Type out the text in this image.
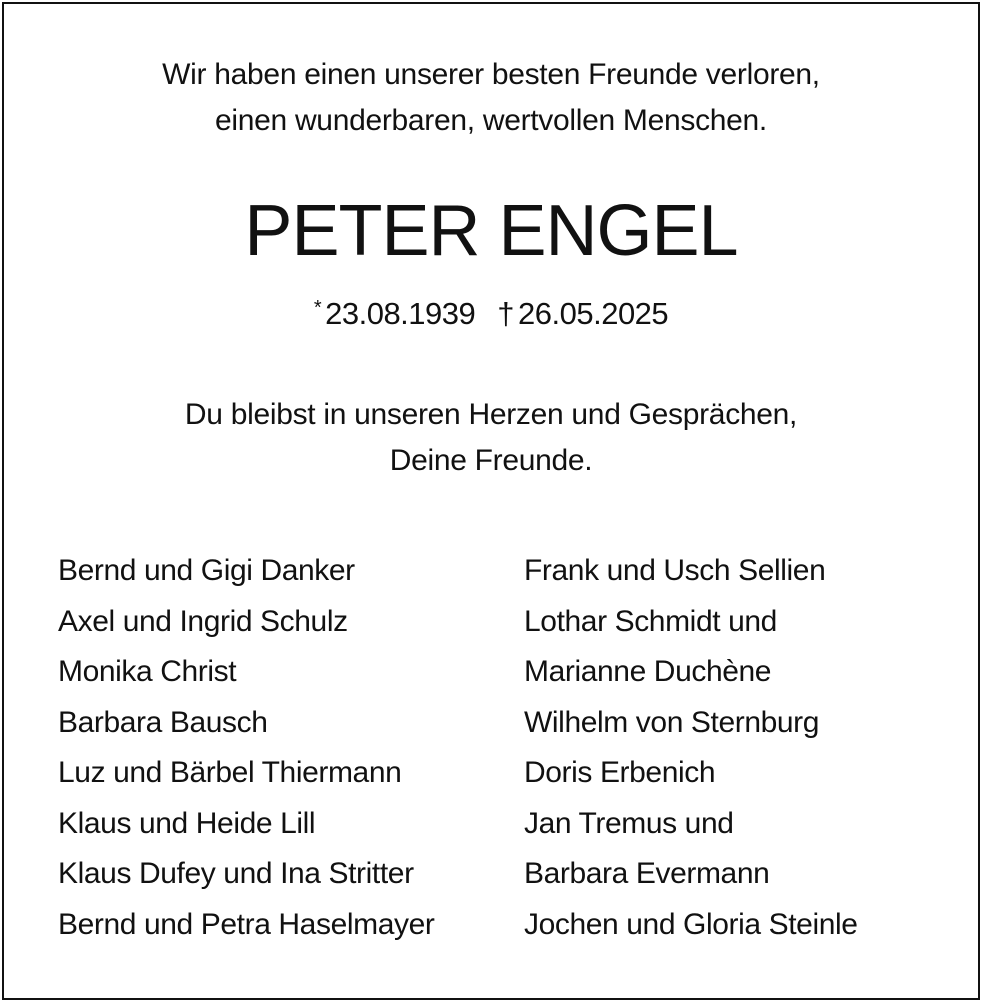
Wir haben einen unserer besten Freunde verloren,
einen wunderbaren, wertvollen Menschen.
PETER ENGEL
* 23.08.1939 † 26.05.2025
Du bleibst in unseren Herzen und Gesprächen,
Deine Freunde.
Bernd und Gigi Danker
Axel und Ingrid Schulz
Monika Christ
Barbara Bausch
Luz und Bärbel Thiermann
Klaus und Heide Lill
Klaus Dufey und Ina Stritter
Bernd und Petra Haselmayer
Frank und Usch Sellien
Lothar Schmidt und
Marianne Duchène
Wilhelm von Sternburg
Doris Erbenich
Jan Tremus und
Barbara Evermann
Jochen und Gloria Steinle
